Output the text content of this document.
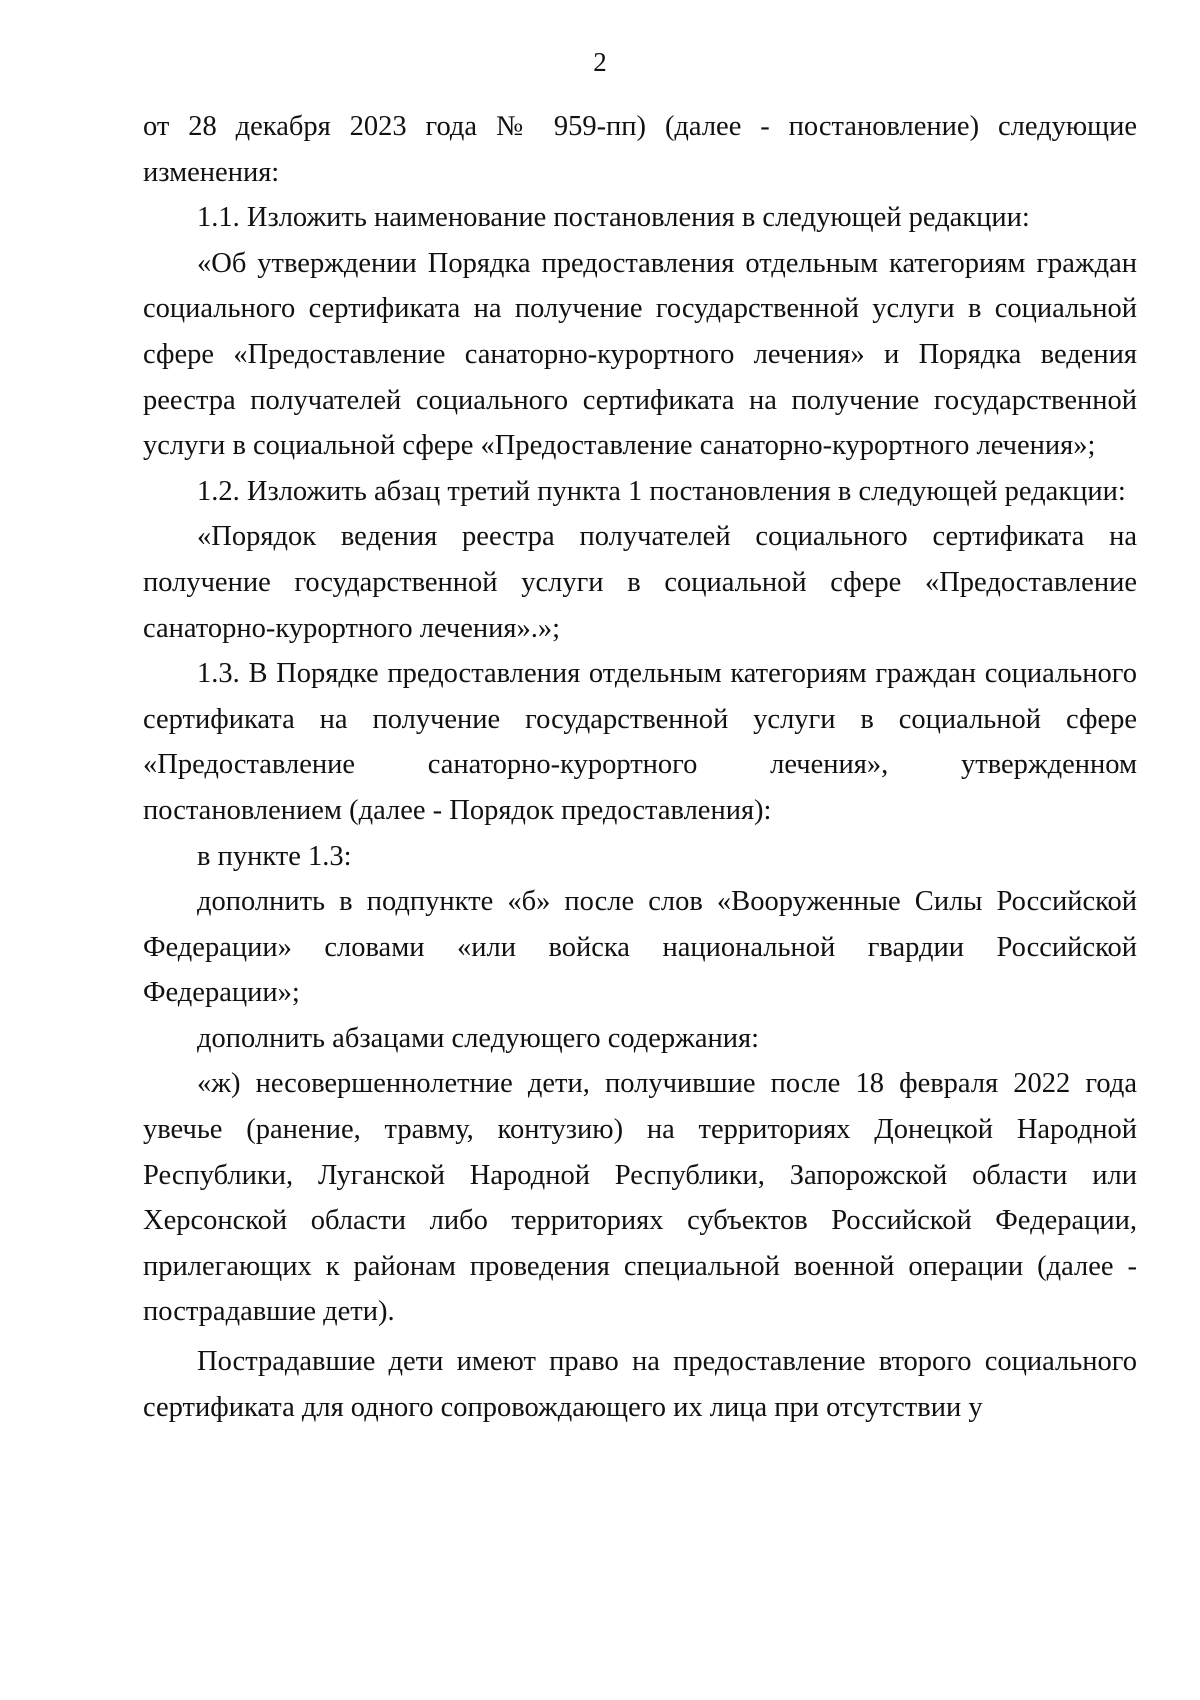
2

от 28 декабря 2023 года № 959-пп) (далее - постановление) следующие изменения:

1.1. Изложить наименование постановления в следующей редакции:

«Об утверждении Порядка предоставления отдельным категориям граждан социального сертификата на получение государственной услуги в социальной сфере «Предоставление санаторно-курортного лечения» и Порядка ведения реестра получателей социального сертификата на получение государственной услуги в социальной сфере «Предоставление санаторно-курортного лечения»;

1.2. Изложить абзац третий пункта 1 постановления в следующей редакции:

«Порядок ведения реестра получателей социального сертификата на получение государственной услуги в социальной сфере «Предоставление санаторно-курортного лечения».»;

1.3. В Порядке предоставления отдельным категориям граждан социального сертификата на получение государственной услуги в социальной сфере «Предоставление санаторно-курортного лечения», утвержденном постановлением (далее - Порядок предоставления):

в пункте 1.3:

дополнить в подпункте «б» после слов «Вооруженные Силы Российской Федерации» словами «или войска национальной гвардии Российской Федерации»;

дополнить абзацами следующего содержания:

«ж) несовершеннолетние дети, получившие после 18 февраля 2022 года увечье (ранение, травму, контузию) на территориях Донецкой Народной Республики, Луганской Народной Республики, Запорожской области или Херсонской области либо территориях субъектов Российской Федерации, прилегающих к районам проведения специальной военной операции (далее - пострадавшие дети).

Пострадавшие дети имеют право на предоставление второго социального сертификата для одного сопровождающего их лица при отсутствии у
